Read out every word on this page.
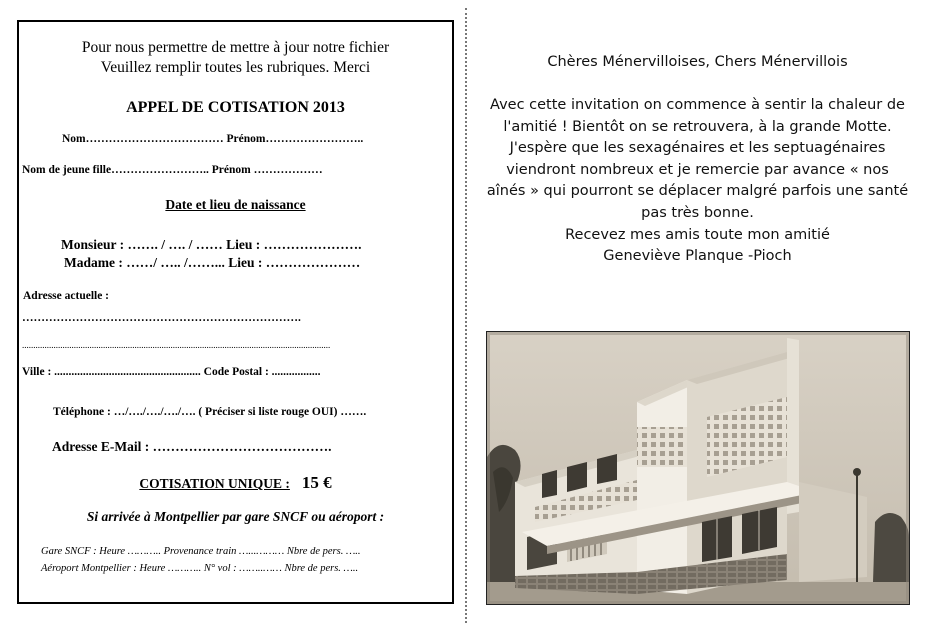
Pour nous permettre de mettre à jour notre fichier
Veuillez remplir toutes les rubriques. Merci
APPEL DE COTISATION 2013
Nom……………………………… Prénom……………………..
Nom de jeune fille…………………….. Prénom ………………
Date et lieu de naissance
Monsieur : ……. / …. / …… Lieu : ………………….
Madame : ……/ ….. /……... Lieu : …………………
Adresse actuelle :
……………………………………………………………….
.........................................................................................................................................
Ville : ................................................... Code Postal : .................
Téléphone : …/…./…./…./…. ( Préciser si liste rouge OUI) …….
Adresse E-Mail : ………………………………….
COTISATION UNIQUE : 15 €
Si arrivée à Montpellier par gare SNCF ou aéroport :
Gare SNCF : Heure ……….. Provenance train …...……… Nbre de pers. …..
Aéroport Montpellier : Heure ……….. N° vol : ……..…… Nbre de pers. …..
Chères Ménervilloises, Chers Ménervillois
Avec cette invitation on commence à sentir la chaleur de
l'amitié ! Bientôt on se retrouvera, à la grande Motte.
J'espère que les sexagénaires et les septuagénaires
viendront nombreux et je remercie par avance « nos
aînés » qui pourront se déplacer malgré parfois une santé
pas très bonne.
Recevez mes amis toute mon amitié
Geneviève Planque -Pioch
